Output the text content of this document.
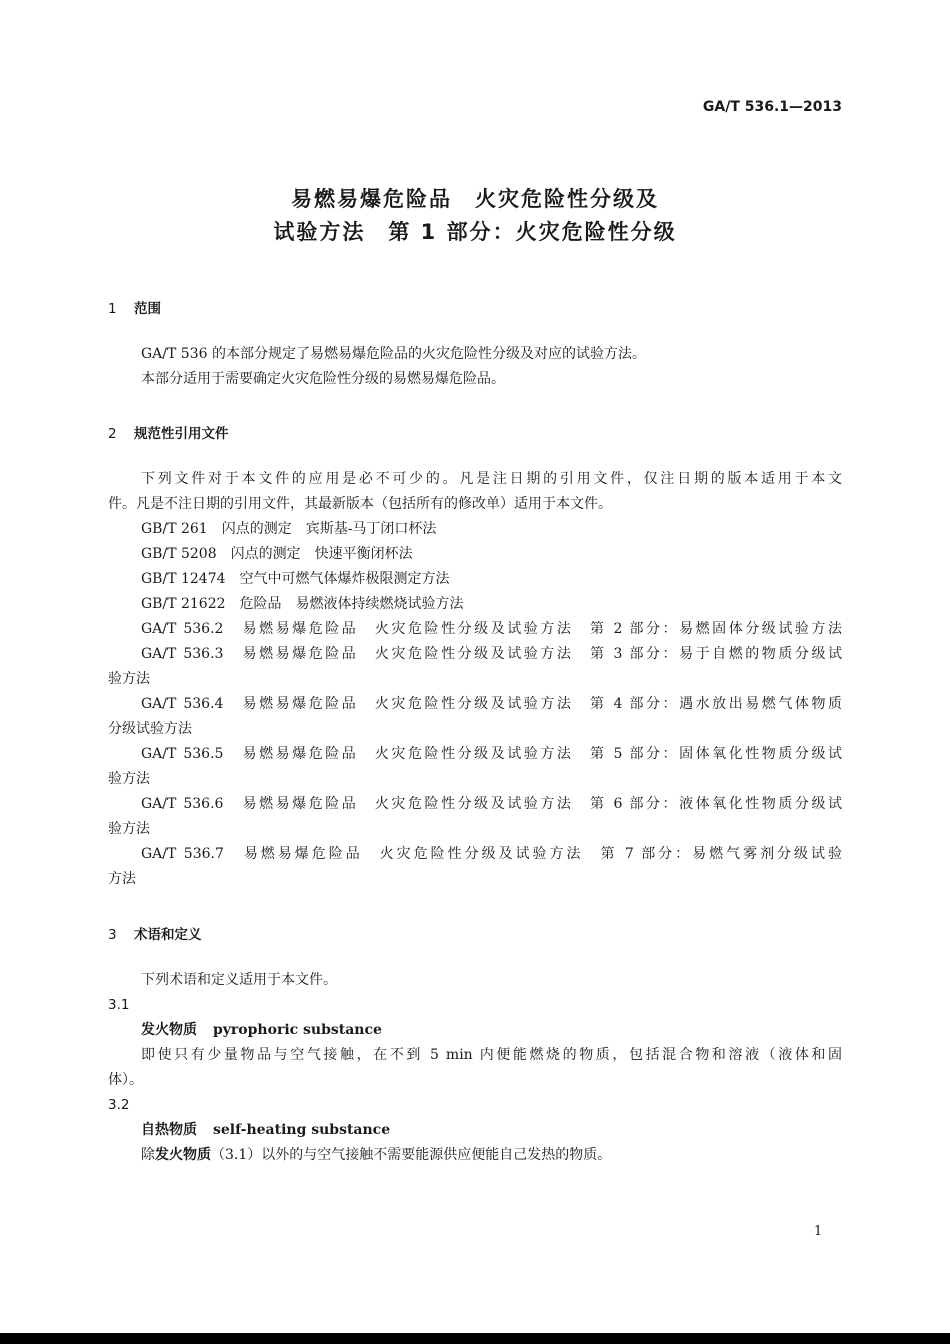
GA/T 536.1—2013
易燃易爆危险品　火灾危险性分级及
试验方法　第 1 部分：火灾危险性分级
1 范围
GA/T 536 的本部分规定了易燃易爆危险品的火灾危险性分级及对应的试验方法。
本部分适用于需要确定火灾危险性分级的易燃易爆危险品。
2 规范性引用文件
下列文件对于本文件的应用是必不可少的。凡是注日期的引用文件，仅注日期的版本适用于本文
件。凡是不注日期的引用文件，其最新版本（包括所有的修改单）适用于本文件。
GB/T 261　闪点的测定　宾斯基-马丁闭口杯法
GB/T 5208　闪点的测定　快速平衡闭杯法
GB/T 12474　空气中可燃气体爆炸极限测定方法
GB/T 21622　危险品　易燃液体持续燃烧试验方法
GA/T 536.2　易燃易爆危险品　火灾危险性分级及试验方法　第 2 部分：易燃固体分级试验方法
GA/T 536.3　易燃易爆危险品　火灾危险性分级及试验方法　第 3 部分：易于自燃的物质分级试
验方法
GA/T 536.4　易燃易爆危险品　火灾危险性分级及试验方法　第 4 部分：遇水放出易燃气体物质
分级试验方法
GA/T 536.5　易燃易爆危险品　火灾危险性分级及试验方法　第 5 部分：固体氧化性物质分级试
验方法
GA/T 536.6　易燃易爆危险品　火灾危险性分级及试验方法　第 6 部分：液体氧化性物质分级试
验方法
GA/T 536.7　易燃易爆危险品　火灾危险性分级及试验方法　第 7 部分：易燃气雾剂分级试验
方法
3 术语和定义
下列术语和定义适用于本文件。
3.1
发火物质 pyrophoric substance
即使只有少量物品与空气接触，在不到 5 min 内便能燃烧的物质，包括混合物和溶液（液体和固
体）。
3.2
自热物质 self-heating substance
除发火物质（3.1）以外的与空气接触不需要能源供应便能自己发热的物质。
1
